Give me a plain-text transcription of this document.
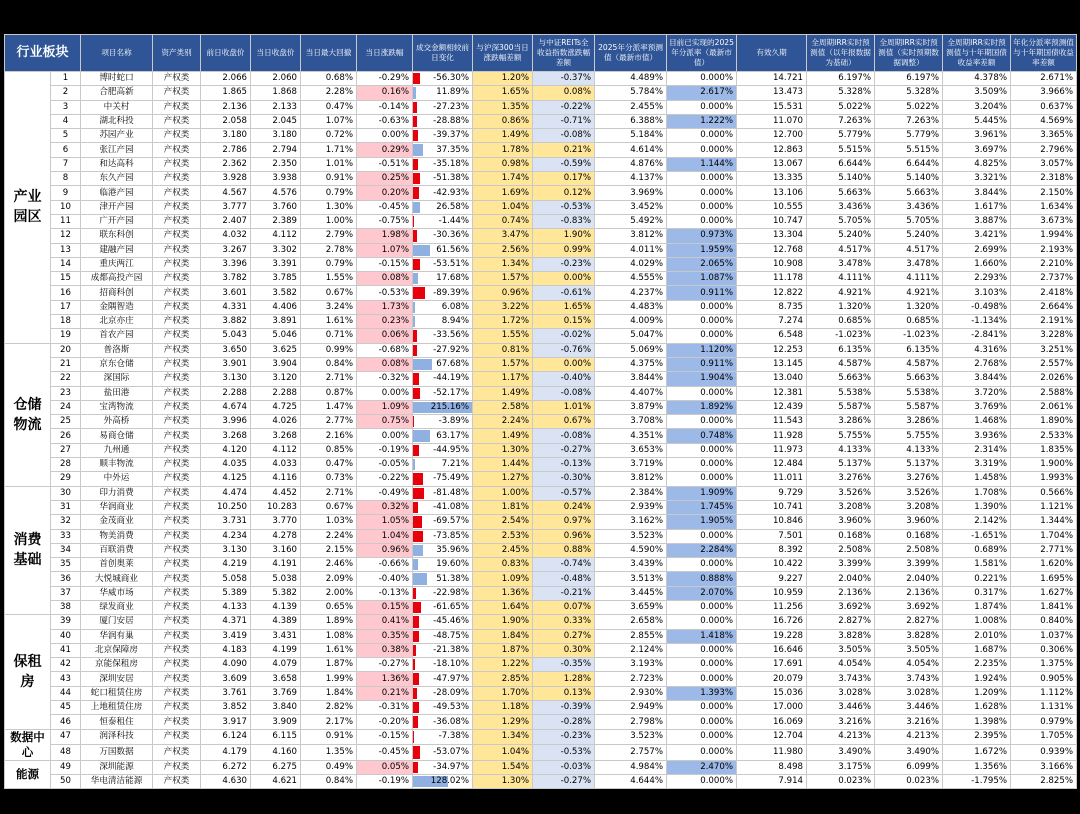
行业板块		项目名称	资产类别	前日收盘价	当日收盘价	当日最大回撤	当日涨跌幅	成交金额相较前日变化	与沪深300当日涨跌幅差额	与中证REITs全收益指数涨跌幅差额	2025年分派率预测值（最新市值）	目前已实现的2025年分派率（最新市值）	有效久期	全周期IRR实时预测值（以年报数据为基础）	全周期IRR实时预测值（实时预期数据调整）	全周期IRR实时预测值与十年期国债收益率差额	年化分派率预测值与十年期国债收益率差额
产业园区	1	博时蛇口	产权类	2.066	2.060	0.68%	-0.29%	-56.30%	1.20%	-0.37%	4.489%	0.000%	14.721	6.197%	6.197%	4.378%	2.671%
	2	合肥高新	产权类	1.865	1.868	2.28%	0.16%	11.89%	1.65%	0.08%	5.784%	2.617%	13.473	5.328%	5.328%	3.509%	3.966%
	3	中关村	产权类	2.136	2.133	0.47%	-0.14%	-27.23%	1.35%	-0.22%	2.455%	0.000%	15.531	5.022%	5.022%	3.204%	0.637%
	4	湖北科投	产权类	2.058	2.045	1.07%	-0.63%	-28.88%	0.86%	-0.71%	6.388%	1.222%	11.070	7.263%	7.263%	5.445%	4.569%
	5	苏园产业	产权类	3.180	3.180	0.72%	0.00%	-39.37%	1.49%	-0.08%	5.184%	0.000%	12.700	5.779%	5.779%	3.961%	3.365%
	6	张江产园	产权类	2.786	2.794	1.71%	0.29%	37.35%	1.78%	0.21%	4.614%	0.000%	12.863	5.515%	5.515%	3.697%	2.796%
	7	和达高科	产权类	2.362	2.350	1.01%	-0.51%	-35.18%	0.98%	-0.59%	4.876%	1.144%	13.067	6.644%	6.644%	4.825%	3.057%
	8	东久产园	产权类	3.928	3.938	0.91%	0.25%	-51.38%	1.74%	0.17%	4.137%	0.000%	13.335	5.140%	5.140%	3.321%	2.318%
	9	临港产园	产权类	4.567	4.576	0.79%	0.20%	-42.93%	1.69%	0.12%	3.969%	0.000%	13.106	5.663%	5.663%	3.844%	2.150%
	10	津开产园	产权类	3.777	3.760	1.30%	-0.45%	26.58%	1.04%	-0.53%	3.452%	0.000%	10.555	3.436%	3.436%	1.617%	1.634%
	11	广开产园	产权类	2.407	2.389	1.00%	-0.75%	-1.44%	0.74%	-0.83%	5.492%	0.000%	10.747	5.705%	5.705%	3.887%	3.673%
	12	联东科创	产权类	4.032	4.112	2.79%	1.98%	-30.36%	3.47%	1.90%	3.812%	0.973%	13.304	5.240%	5.240%	3.421%	1.994%
	13	建融产园	产权类	3.267	3.302	2.78%	1.07%	61.56%	2.56%	0.99%	4.011%	1.959%	12.768	4.517%	4.517%	2.699%	2.193%
	14	重庆两江	产权类	3.396	3.391	0.79%	-0.15%	-53.51%	1.34%	-0.23%	4.029%	2.065%	10.908	3.478%	3.478%	1.660%	2.210%
	15	成都高投产园	产权类	3.782	3.785	1.55%	0.08%	17.68%	1.57%	0.00%	4.555%	1.087%	11.178	4.111%	4.111%	2.293%	2.737%
	16	招商科创	产权类	3.601	3.582	0.67%	-0.53%	-89.39%	0.96%	-0.61%	4.237%	0.911%	12.822	4.921%	4.921%	3.103%	2.418%
	17	金隅智造	产权类	4.331	4.406	3.24%	1.73%	6.08%	3.22%	1.65%	4.483%	0.000%	8.735	1.320%	1.320%	-0.498%	2.664%
	18	北京亦庄	产权类	3.882	3.891	1.61%	0.23%	8.94%	1.72%	0.15%	4.009%	0.000%	7.274	0.685%	0.685%	-1.134%	2.191%
	19	首农产园	产权类	5.043	5.046	0.71%	0.06%	-33.56%	1.55%	-0.02%	5.047%	0.000%	6.548	-1.023%	-1.023%	-2.841%	3.228%
仓储物流	20	普洛斯	产权类	3.650	3.625	0.99%	-0.68%	-27.92%	0.81%	-0.76%	5.069%	1.120%	12.253	6.135%	6.135%	4.316%	3.251%
	21	京东仓储	产权类	3.901	3.904	0.84%	0.08%	67.68%	1.57%	0.00%	4.375%	0.911%	13.145	4.587%	4.587%	2.768%	2.557%
	22	深国际	产权类	3.130	3.120	2.71%	-0.32%	-44.19%	1.17%	-0.40%	3.844%	1.904%	13.040	5.663%	5.663%	3.844%	2.026%
	23	盐田港	产权类	2.288	2.288	0.87%	0.00%	-52.17%	1.49%	-0.08%	4.407%	0.000%	12.381	5.538%	5.538%	3.720%	2.588%
	24	宝湾物流	产权类	4.674	4.725	1.47%	1.09%	215.16%	2.58%	1.01%	3.879%	1.892%	12.439	5.587%	5.587%	3.769%	2.061%
	25	外高桥	产权类	3.996	4.026	2.77%	0.75%	-3.89%	2.24%	0.67%	3.708%	0.000%	11.543	3.286%	3.286%	1.468%	1.890%
	26	易商仓储	产权类	3.268	3.268	2.16%	0.00%	63.17%	1.49%	-0.08%	4.351%	0.748%	11.928	5.755%	5.755%	3.936%	2.533%
	27	九州通	产权类	4.120	4.112	0.85%	-0.19%	-44.95%	1.30%	-0.27%	3.653%	0.000%	11.973	4.133%	4.133%	2.314%	1.835%
	28	顺丰物流	产权类	4.035	4.033	0.47%	-0.05%	7.21%	1.44%	-0.13%	3.719%	0.000%	12.484	5.137%	5.137%	3.319%	1.900%
	29	中外运	产权类	4.125	4.116	0.73%	-0.22%	-75.49%	1.27%	-0.30%	3.812%	0.000%	11.011	3.276%	3.276%	1.458%	1.993%
消费基础	30	印力消费	产权类	4.474	4.452	2.71%	-0.49%	-81.48%	1.00%	-0.57%	2.384%	1.909%	9.729	3.526%	3.526%	1.708%	0.566%
	31	华润商业	产权类	10.250	10.283	0.67%	0.32%	-41.08%	1.81%	0.24%	2.939%	1.745%	10.741	3.208%	3.208%	1.390%	1.121%
	32	金茂商业	产权类	3.731	3.770	1.03%	1.05%	-69.57%	2.54%	0.97%	3.162%	1.905%	10.846	3.960%	3.960%	2.142%	1.344%
	33	物美消费	产权类	4.234	4.278	2.24%	1.04%	-73.85%	2.53%	0.96%	3.523%	0.000%	7.501	0.168%	0.168%	-1.651%	1.704%
	34	百联消费	产权类	3.130	3.160	2.15%	0.96%	35.96%	2.45%	0.88%	4.590%	2.284%	8.392	2.508%	2.508%	0.689%	2.771%
	35	首创奥莱	产权类	4.219	4.191	2.46%	-0.66%	19.60%	0.83%	-0.74%	3.439%	0.000%	10.422	3.399%	3.399%	1.581%	1.620%
	36	大悦城商业	产权类	5.058	5.038	2.09%	-0.40%	51.38%	1.09%	-0.48%	3.513%	0.888%	9.227	2.040%	2.040%	0.221%	1.695%
	37	华威市场	产权类	5.389	5.382	2.00%	-0.13%	-22.98%	1.36%	-0.21%	3.445%	2.070%	10.959	2.136%	2.136%	0.317%	1.627%
	38	绿发商业	产权类	4.133	4.139	0.65%	0.15%	-61.65%	1.64%	0.07%	3.659%	0.000%	11.256	3.692%	3.692%	1.874%	1.841%
保租房	39	厦门安居	产权类	4.371	4.389	1.89%	0.41%	-45.46%	1.90%	0.33%	2.658%	0.000%	16.726	2.827%	2.827%	1.008%	0.840%
	40	华润有巢	产权类	3.419	3.431	1.08%	0.35%	-48.75%	1.84%	0.27%	2.855%	1.418%	19.228	3.828%	3.828%	2.010%	1.037%
	41	北京保障房	产权类	4.183	4.199	1.61%	0.38%	-21.38%	1.87%	0.30%	2.124%	0.000%	16.646	3.505%	3.505%	1.687%	0.306%
	42	京能保租房	产权类	4.090	4.079	1.87%	-0.27%	-18.10%	1.22%	-0.35%	3.193%	0.000%	17.691	4.054%	4.054%	2.235%	1.375%
	43	深圳安居	产权类	3.609	3.658	1.99%	1.36%	-47.97%	2.85%	1.28%	2.723%	0.000%	20.079	3.743%	3.743%	1.924%	0.905%
	44	蛇口租赁住房	产权类	3.761	3.769	1.84%	0.21%	-28.09%	1.70%	0.13%	2.930%	1.393%	15.036	3.028%	3.028%	1.209%	1.112%
	45	上地租赁住房	产权类	3.852	3.840	2.82%	-0.31%	-49.53%	1.18%	-0.39%	2.949%	0.000%	17.000	3.446%	3.446%	1.628%	1.131%
	46	恒泰租住	产权类	3.917	3.909	2.17%	-0.20%	-36.08%	1.29%	-0.28%	2.798%	0.000%	16.069	3.216%	3.216%	1.398%	0.979%
数据中心	47	润泽科技	产权类	6.124	6.115	0.91%	-0.15%	-7.38%	1.34%	-0.23%	3.523%	0.000%	12.704	4.213%	4.213%	2.395%	1.705%
	48	万国数据	产权类	4.179	4.160	1.35%	-0.45%	-53.07%	1.04%	-0.53%	2.757%	0.000%	11.980	3.490%	3.490%	1.672%	0.939%
能源	49	深圳能源	产权类	6.272	6.275	0.49%	0.05%	-34.97%	1.54%	-0.03%	4.984%	2.470%	8.498	3.175%	6.099%	1.356%	3.166%
	50	华电清洁能源	产权类	4.630	4.621	0.84%	-0.19%	128.02%	1.30%	-0.27%	4.644%	0.000%	7.914	0.023%	0.023%	-1.795%	2.825%
